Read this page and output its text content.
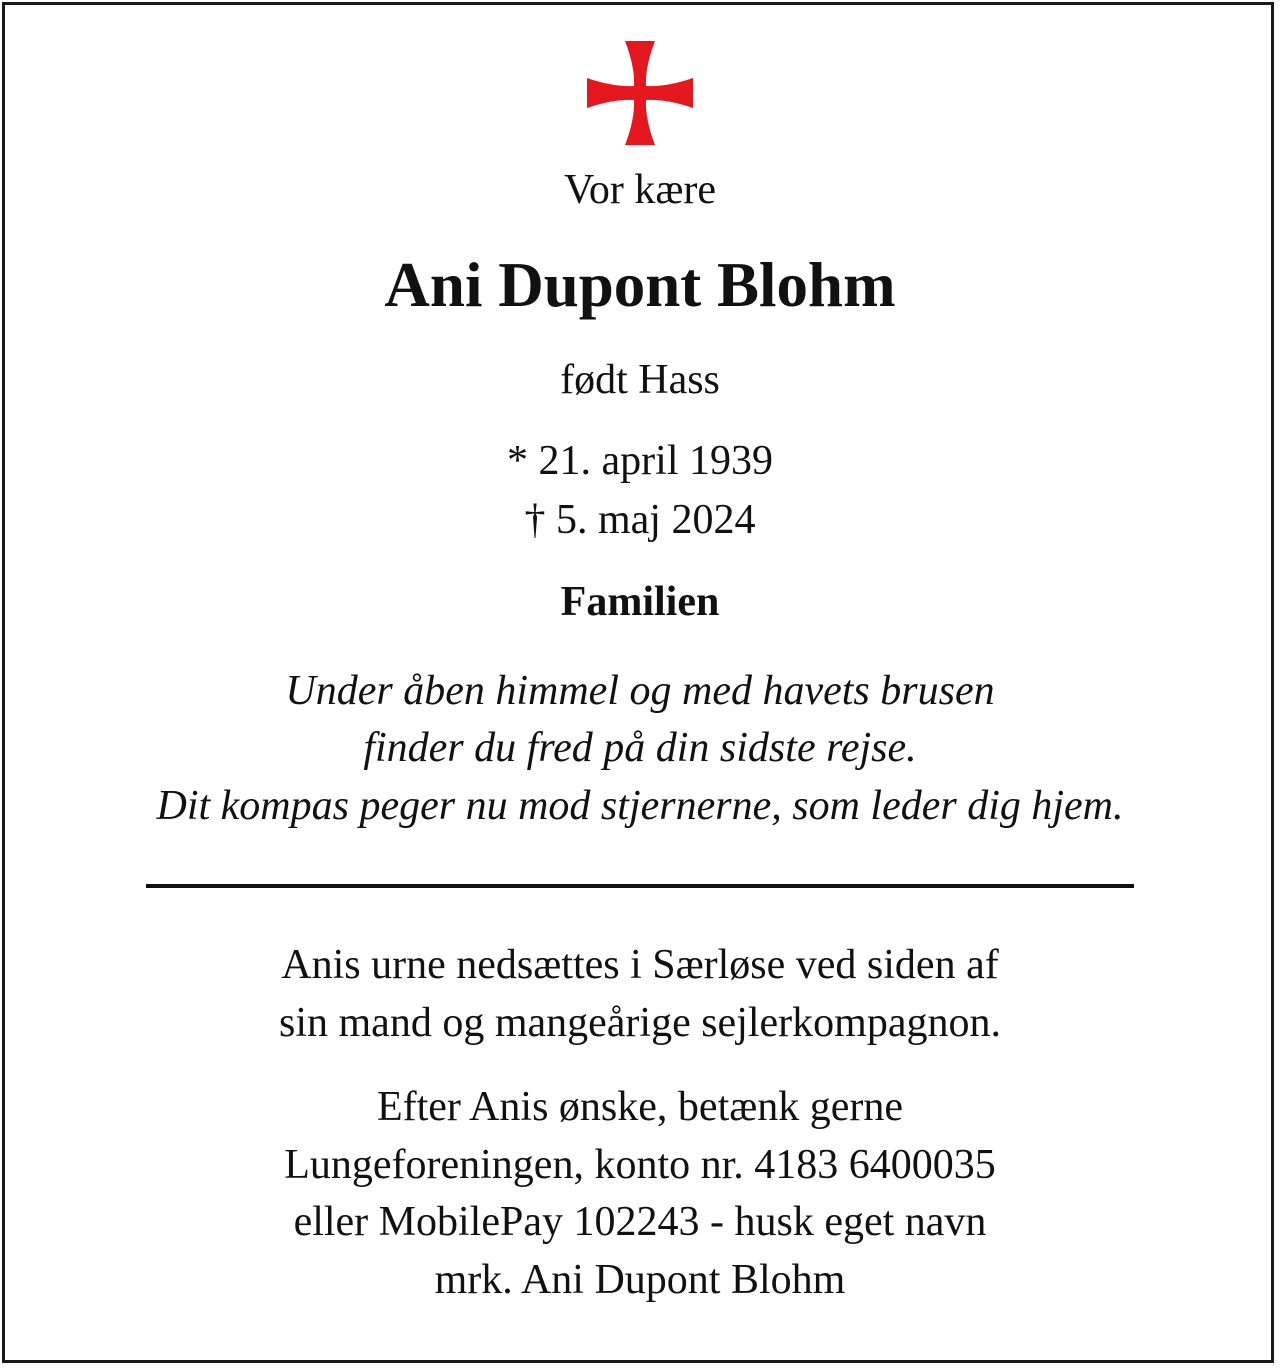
Vor kære
Ani Dupont Blohm
født Hass
* 21. april 1939
† 5. maj 2024
Familien
Under åben himmel og med havets brusen
finder du fred på din sidste rejse.
Dit kompas peger nu mod stjernerne, som leder dig hjem.
Anis urne nedsættes i Særløse ved siden af
sin mand og mangeårige sejlerkompagnon.
Efter Anis ønske, betænk gerne
Lungeforeningen, konto nr. 4183 6400035
eller MobilePay 102243 - husk eget navn
mrk. Ani Dupont Blohm
